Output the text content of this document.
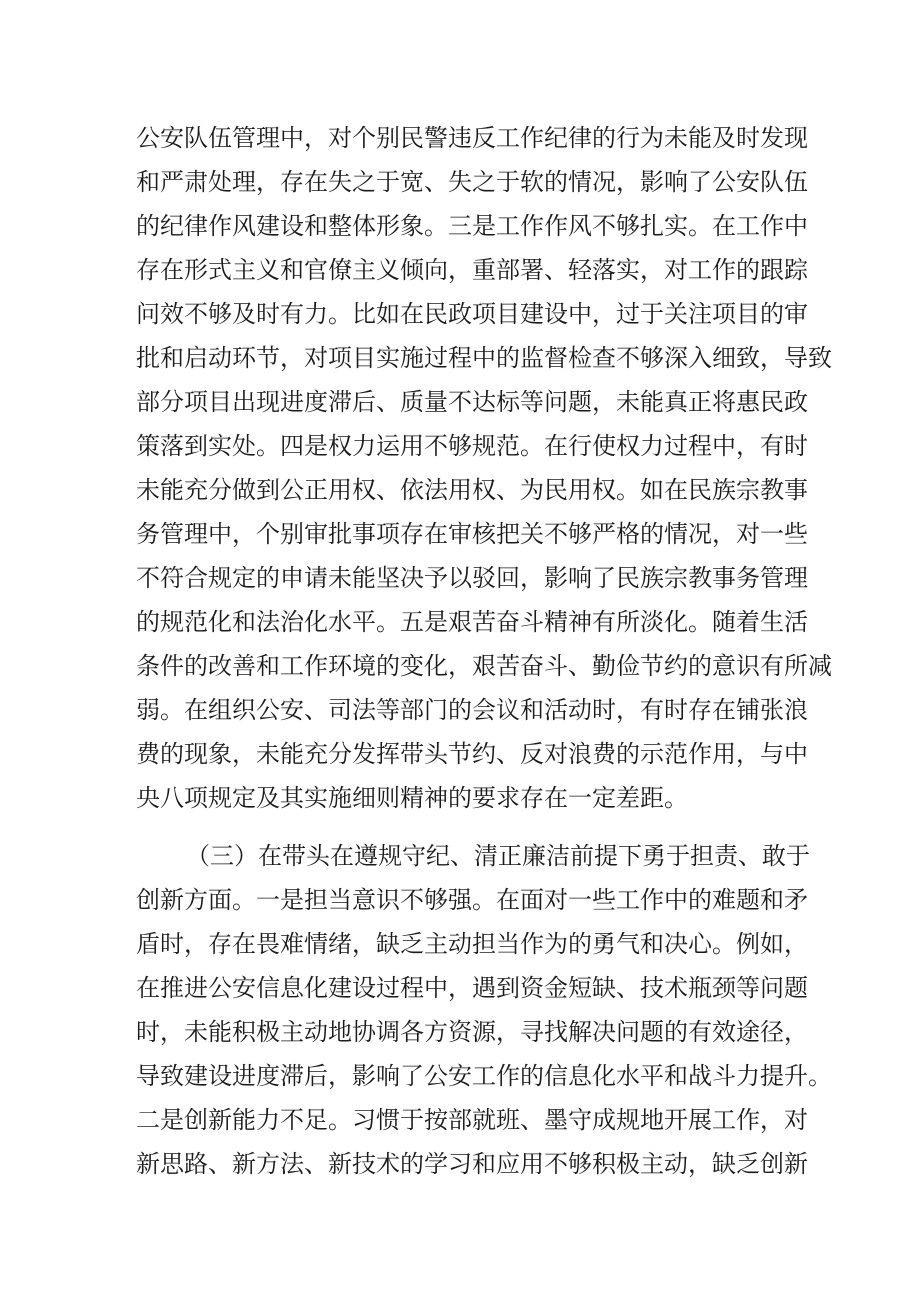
公安队伍管理中，对个别民警违反工作纪律的行为未能及时发现
和严肃处理，存在失之于宽、失之于软的情况，影响了公安队伍
的纪律作风建设和整体形象。三是工作作风不够扎实。在工作中
存在形式主义和官僚主义倾向，重部署、轻落实，对工作的跟踪
问效不够及时有力。比如在民政项目建设中，过于关注项目的审
批和启动环节，对项目实施过程中的监督检查不够深入细致，导致
部分项目出现进度滞后、质量不达标等问题，未能真正将惠民政
策落到实处。四是权力运用不够规范。在行使权力过程中，有时
未能充分做到公正用权、依法用权、为民用权。如在民族宗教事
务管理中，个别审批事项存在审核把关不够严格的情况，对一些
不符合规定的申请未能坚决予以驳回，影响了民族宗教事务管理
的规范化和法治化水平。五是艰苦奋斗精神有所淡化。随着生活
条件的改善和工作环境的变化，艰苦奋斗、勤俭节约的意识有所减
弱。在组织公安、司法等部门的会议和活动时，有时存在铺张浪
费的现象，未能充分发挥带头节约、反对浪费的示范作用，与中
央八项规定及其实施细则精神的要求存在一定差距。
（三）在带头在遵规守纪、清正廉洁前提下勇于担责、敢于
创新方面。一是担当意识不够强。在面对一些工作中的难题和矛
盾时，存在畏难情绪，缺乏主动担当作为的勇气和决心。例如，
在推进公安信息化建设过程中，遇到资金短缺、技术瓶颈等问题
时，未能积极主动地协调各方资源，寻找解决问题的有效途径，
导致建设进度滞后，影响了公安工作的信息化水平和战斗力提升。
二是创新能力不足。习惯于按部就班、墨守成规地开展工作，对
新思路、新方法、新技术的学习和应用不够积极主动，缺乏创新
